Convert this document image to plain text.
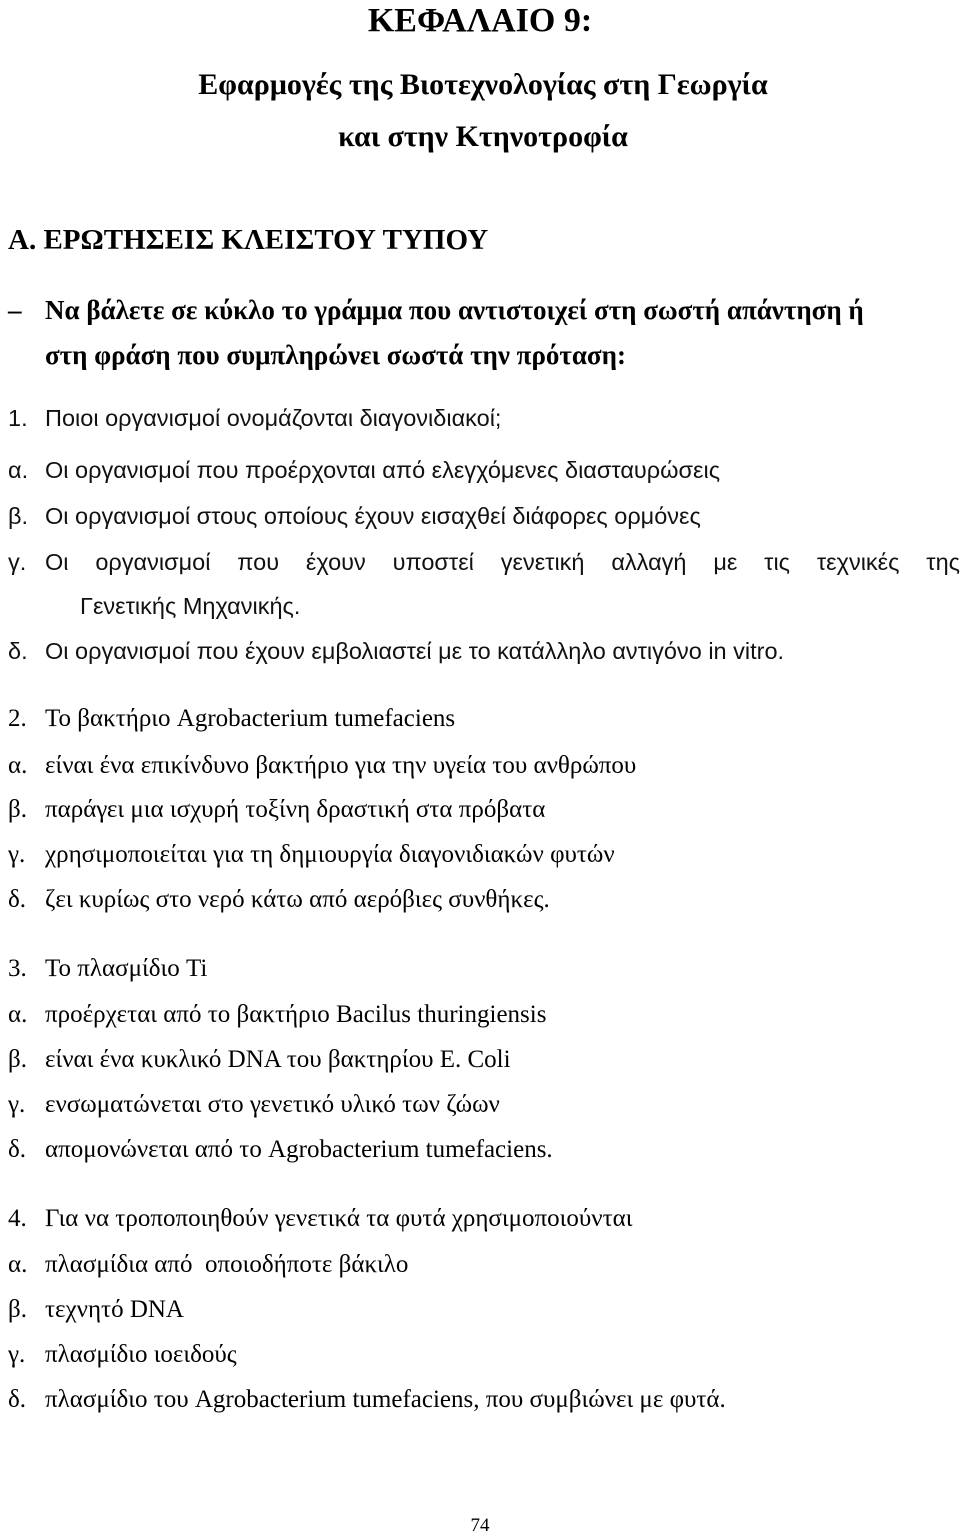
ΚΕΦΑΛΑΙΟ 9:
Εφαρμογές της Βιοτεχνολογίας στη Γεωργία
και στην Κτηνοτροφία
Α. ΕΡΩΤΗΣΕΙΣ ΚΛΕΙΣΤΟΥ ΤΥΠΟΥ
– Να βάλετε σε κύκλο το γράμμα που αντιστοιχεί στη σωστή απάντηση ή
στη φράση που συμπληρώνει σωστά την πρόταση:
1. Ποιοι οργανισμοί ονομάζονται διαγονιδιακοί;
α. Οι οργανισμοί που προέρχονται από ελεγχόμενες διασταυρώσεις
β. Οι οργανισμοί στους οποίους έχουν εισαχθεί διάφορες ορμόνες
γ. Οι οργανισμοί που έχουν υποστεί γενετική αλλαγή με τις τεχνικές της
Γενετικής Μηχανικής.
δ. Οι οργανισμοί που έχουν εμβολιαστεί με το κατάλληλο αντιγόνο in vitro.
2. Το βακτήριο Agrobacterium tumefaciens
α. είναι ένα επικίνδυνο βακτήριο για την υγεία του ανθρώπου
β. παράγει μια ισχυρή τοξίνη δραστική στα πρόβατα
γ. χρησιμοποιείται για τη δημιουργία διαγονιδιακών φυτών
δ. ζει κυρίως στο νερό κάτω από αερόβιες συνθήκες.
3. Το πλασμίδιο Ti
α. προέρχεται από το βακτήριο Bacilus thuringiensis
β. είναι ένα κυκλικό DNA του βακτηρίου E. Coli
γ. ενσωματώνεται στο γενετικό υλικό των ζώων
δ. απομονώνεται από το Agrobacterium tumefaciens.
4. Για να τροποποιηθούν γενετικά τα φυτά χρησιμοποιούνται
α. πλασμίδια από  οποιοδήποτε βάκιλο
β. τεχνητό DNA
γ. πλασμίδιο ιοειδούς
δ. πλασμίδιο του Agrobacterium tumefaciens, που συμβιώνει με φυτά.
74
